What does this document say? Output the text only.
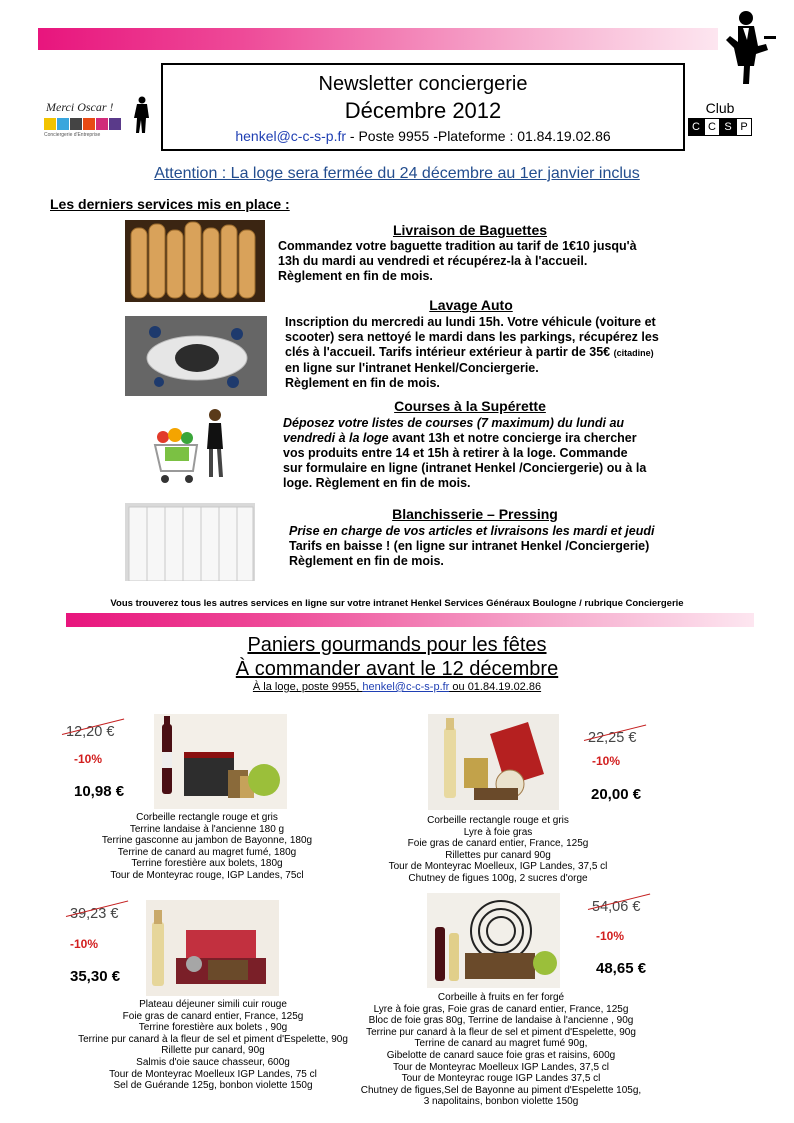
Merci Oscar !
Conciergerie d'Entreprise
Newsletter conciergerie
Décembre 2012
henkel@c-c-s-p.fr - Poste 9955 -Plateforme : 01.84.19.02.86
Club
C C S P
Attention : La loge sera fermée du 24 décembre au 1er janvier inclus
Les derniers services mis en place :
Livraison de Baguettes
Commandez votre baguette tradition au tarif de 1€10 jusqu'à
13h du mardi au vendredi et récupérez-la à l'accueil.
Règlement en fin de mois.
Lavage Auto
Inscription du mercredi au lundi 15h. Votre véhicule (voiture et
scooter) sera nettoyé le mardi dans les parkings, récupérez les
clés à l'accueil. Tarifs intérieur extérieur à partir de 35€ (citadine)
en ligne sur l'intranet Henkel/Conciergerie.
Règlement en fin de mois.
Courses à la Supérette
Déposez votre listes de courses (7 maximum) du lundi au
vendredi à la loge avant 13h et notre concierge ira chercher
vos produits entre 14 et 15h à retirer à la loge. Commande
sur formulaire en ligne (intranet Henkel /Conciergerie) ou à la
loge. Règlement en fin de mois.
Blanchisserie – Pressing
Prise en charge de vos articles et livraisons les mardi et jeudi
Tarifs en baisse ! (en ligne sur intranet Henkel /Conciergerie)
Règlement en fin de mois.
Vous trouverez tous les autres services en ligne sur votre intranet Henkel Services Généraux Boulogne / rubrique Conciergerie
Paniers gourmands pour les fêtes
À commander avant le 12 décembre
À la loge, poste 9955, henkel@c-c-s-p.fr ou 01.84.19.02.86
12,20 €
-10%
10,98 €
Corbeille rectangle rouge et gris
Terrine landaise à l'ancienne 180 g
Terrine gasconne au jambon de Bayonne, 180g
Terrine de canard au magret fumé, 180g
Terrine forestière aux bolets, 180g
Tour de Monteyrac rouge, IGP Landes, 75cl
22,25 €
-10%
20,00 €
Corbeille rectangle rouge et gris
Lyre à foie gras
Foie gras de canard entier, France, 125g
Rillettes pur canard 90g
Tour de Monteyrac Moelleux, IGP Landes, 37,5 cl
Chutney de figues 100g, 2 sucres d'orge
39,23 €
-10%
35,30 €
Plateau déjeuner simili cuir rouge
Foie gras de canard entier, France, 125g
Terrine forestière aux bolets , 90g
Terrine pur canard à la fleur de sel et piment d'Espelette, 90g
Rillette pur canard, 90g
Salmis d'oie sauce chasseur, 600g
Tour de Monteyrac Moelleux IGP Landes, 75 cl
Sel de Guérande 125g, bonbon violette 150g
54,06 €
-10%
48,65 €
Corbeille à fruits en fer forgé
Lyre à foie gras, Foie gras de canard entier, France, 125g
Bloc de foie gras 80g, Terrine de landaise à l'ancienne , 90g
Terrine pur canard à la fleur de sel et piment d'Espelette, 90g
Terrine de canard au magret fumé 90g,
Gibelotte de canard sauce foie gras et raisins, 600g
Tour de Monteyrac Moelleux IGP Landes, 37,5 cl
Tour de Monteyrac rouge IGP Landes 37,5 cl
Chutney de figues,Sel de Bayonne au piment d'Espelette 105g,
3 napolitains, bonbon violette 150g
